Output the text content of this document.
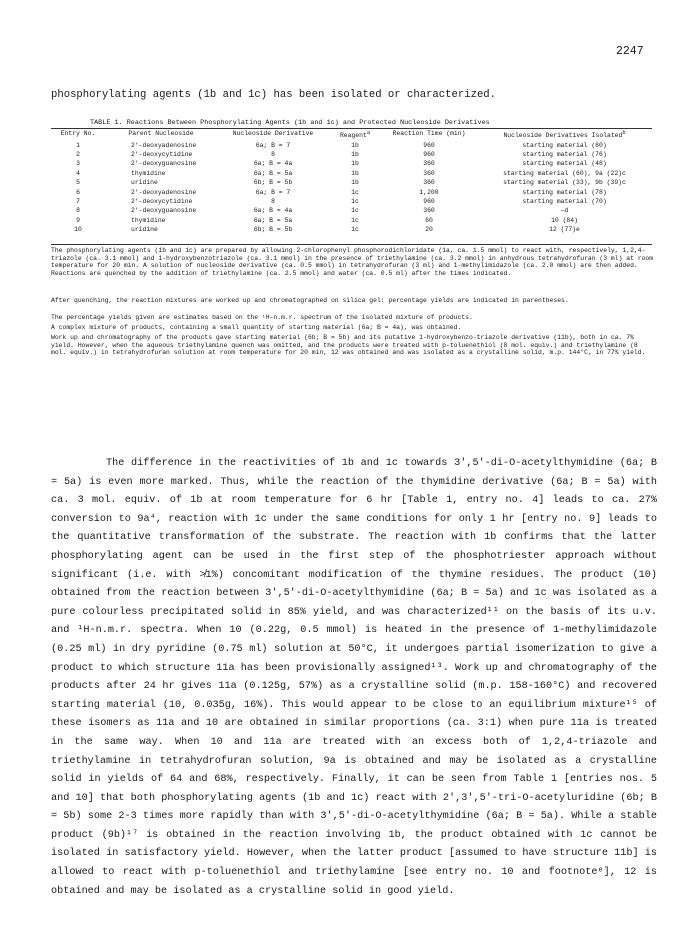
2247
phosphorylating agents (1b and 1c) has been isolated or characterized.
TABLE 1. Reactions Between Phosphorylating Agents (1b and 1c) and Protected Nucleoside Derivatives
Entry No.	Parent Nucleoside	Nucleoside Derivative	Reagent$^a$	Reaction Time (min)	Nucleoside Derivatives Isolated$^b$
1	2'-deoxyadenosine	6a; B = 7	1b	960	starting material (80)
2	2'-deoxycytidine	8	1b	960	starting material (76)
3	2'-deoxyguanosine	6a; B = 4a	1b	360	starting material (48)
4	thymidine	6a; B = 5a	1b	360	starting material (60), 9a (22)c
5	uridine	6b; B = 5b	1b	360	starting material (33), 9b (39)c
6	2'-deoxyadenosine	6a; B = 7	1c	1,200	starting material (78)
7	2'-deoxycytidine	8	1c	960	starting material (70)
8	2'-deoxyguanosine	6a; B = 4a	1c	360	—d
9	thymidine	6a; B = 5a	1c	60	10 (84)
10	uridine	6b; B = 5b	1c	20	12 (77)e
The phosphorylating agents (1b and 1c) are prepared by allowing 2-chlorophenyl phosphorodichloridate (1a, ca. 1.5 mmol) to react with, respectively, 1,2,4-triazole (ca. 3.1 mmol) and 1-hydroxybenzotriazole (ca. 3.1 mmol) in the presence of triethylamine (ca. 3.2 mmol) in anhydrous tetrahydrofuran (3 ml) at room temperature for 20 min. A solution of nucleoside derivative (ca. 0.5 mmol) in tetrahydrofuran (3 ml) and 1-methylimidazole (ca. 2.0 mmol) are then added. Reactions are quenched by the addition of triethylamine (ca. 2.5 mmol) and water (ca. 0.5 ml) after the times indicated.
After quenching, the reaction mixtures are worked up and chromatographed on silica gel: percentage yields are indicated in parentheses.
The percentage yields given are estimates based on the ¹H-n.m.r. spectrum of the isolated mixture of products.
A complex mixture of products, containing a small quantity of starting material (6a; B = 4a), was obtained.
Work up and chromatography of the products gave starting material (6b; B = 5b) and its putative 1-hydroxybenzo-triazole derivative (11b), both in ca. 7% yield. However, when the aqueous triethylamine quench was omitted, and the products were treated with p-toluenethiol (8 mol. equiv.) and triethylamine (8 mol. equiv.) in tetrahydrofuran solution at room temperature for 20 min, 12 was obtained and was isolated as a crystalline solid, m.p. 144°C, in 77% yield.

The difference in the reactivities of 1b and 1c towards 3',5'-di-O-acetylthymidine (6a; B = 5a) is even more marked. Thus, while the reaction of the thymidine derivative (6a; B = 5a) with ca. 3 mol. equiv. of 1b at room temperature for 6 hr [Table 1, entry no. 4] leads to ca. 27% conversion to 9a⁴, reaction with 1c under the same conditions for only 1 hr [entry no. 9] leads to the quantitative transformation of the substrate. The reaction with 1b confirms that the latter phosphorylating agent can be used in the first step of the phosphotriester approach without significant (i.e. with ≯1%) concomitant modification of the thymine residues. The product (10) obtained from the reaction between 3',5'-di-O-acetylthymidine (6a; B = 5a) and 1c was isolated as a pure colourless precipitated solid in 85% yield, and was characterized¹¹ on the basis of its u.v. and ¹H-n.m.r. spectra. When 10 (0.22g, 0.5 mmol) is heated in the presence of 1-methylimidazole (0.25 ml) in dry pyridine (0.75 ml) solution at 50°C, it undergoes partial isomerization to give a product to which structure 11a has been provisionally assigned¹³. Work up and chromatography of the products after 24 hr gives 11a (0.125g, 57%) as a crystalline solid (m.p. 158-160°C) and recovered starting material (10, 0.035g, 16%). This would appear to be close to an equilibrium mixture¹⁵ of these isomers as 11a and 10 are obtained in similar proportions (ca. 3:1) when pure 11a is treated in the same way. When 10 and 11a are treated with an excess both of 1,2,4-triazole and triethylamine in tetrahydrofuran solution, 9a is obtained and may be isolated as a crystalline solid in yields of 64 and 68%, respectively. Finally, it can be seen from Table 1 [entries nos. 5 and 10] that both phosphorylating agents (1b and 1c) react with 2',3',5'-tri-O-acetyluridine (6b; B = 5b) some 2-3 times more rapidly than with 3',5'-di-O-acetylthymidine (6a; B = 5a). While a stable product (9b)¹⁷ is obtained in the reaction involving 1b, the product obtained with 1c cannot be isolated in satisfactory yield. However, when the latter product [assumed to have structure 11b] is allowed to react with p-toluenethiol and triethylamine [see entry no. 10 and footnoteᵉ], 12 is obtained and may be isolated as a crystalline solid in good yield.
